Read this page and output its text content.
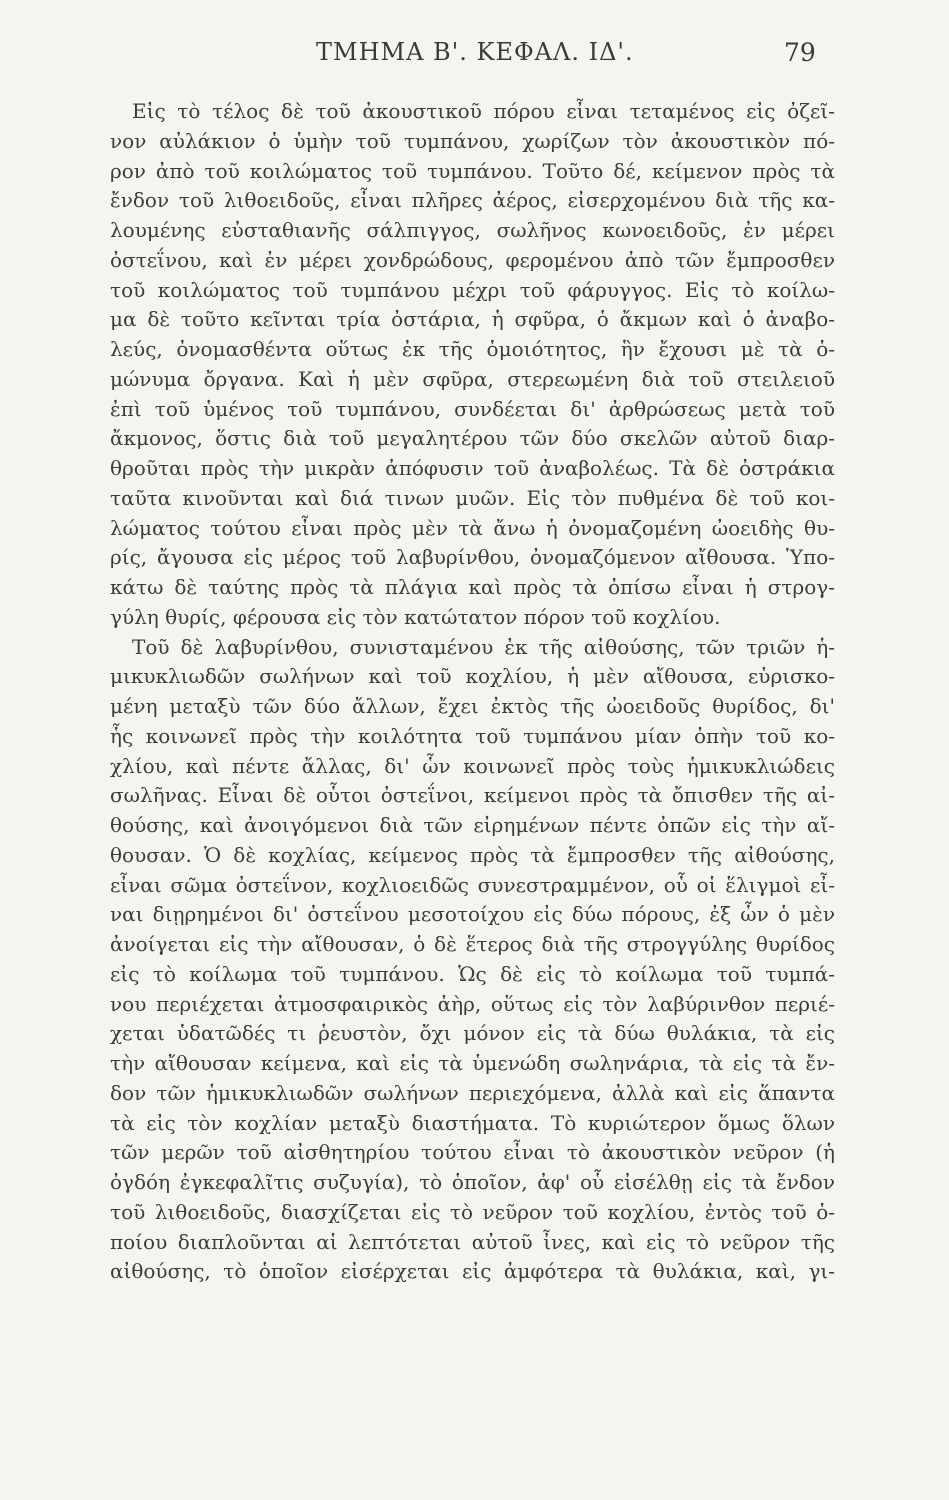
ΤΜΗΜΑ Β'. ΚΕΦΑΛ. ΙΔ'.	79
Εἰς τὸ τέλος δὲ τοῦ ἀκουστικοῦ πόρου εἶναι τεταμένος εἰς ὀζεῖ-
νον αὐλάκιον ὁ ὑμὴν τοῦ τυμπάνου, χωρίζων τὸν ἀκουστικὸν πό-
ρον ἀπὸ τοῦ κοιλώματος τοῦ τυμπάνου. Τοῦτο δέ, κείμενον πρὸς τὰ
ἔνδον τοῦ λιθοειδοῦς, εἶναι πλῆρες ἀέρος, εἰσερχομένου διὰ τῆς κα-
λουμένης εὐσταθιανῆς σάλπιγγος, σωλῆνος κωνοειδοῦς, ἐν μέρει
ὀστεΐνου, καὶ ἐν μέρει χονδρώδους, φερομένου ἀπὸ τῶν ἔμπροσθεν
τοῦ κοιλώματος τοῦ τυμπάνου μέχρι τοῦ φάρυγγος. Εἰς τὸ κοίλω-
μα δὲ τοῦτο κεῖνται τρία ὀστάρια, ἡ σφῦρα, ὁ ἄκμων καὶ ὁ ἀναβο-
λεύς, ὀνομασθέντα οὕτως ἐκ τῆς ὁμοιότητος, ἣν ἔχουσι μὲ τὰ ὁ-
μώνυμα ὄργανα. Καὶ ἡ μὲν σφῦρα, στερεωμένη διὰ τοῦ στειλειοῦ
ἐπὶ τοῦ ὑμένος τοῦ τυμπάνου, συνδέεται δι' ἀρθρώσεως μετὰ τοῦ
ἄκμονος, ὅστις διὰ τοῦ μεγαλητέρου τῶν δύο σκελῶν αὐτοῦ διαρ-
θροῦται πρὸς τὴν μικρὰν ἀπόφυσιν τοῦ ἀναβολέως. Τὰ δὲ ὀστράκια
ταῦτα κινοῦνται καὶ διά τινων μυῶν. Εἰς τὸν πυθμένα δὲ τοῦ κοι-
λώματος τούτου εἶναι πρὸς μὲν τὰ ἄνω ἡ ὀνομαζομένη ὠοειδὴς θυ-
ρίς, ἄγουσα εἰς μέρος τοῦ λαβυρίνθου, ὀνομαζόμενον αἴθουσα. Ὑπο-
κάτω δὲ ταύτης πρὸς τὰ πλάγια καὶ πρὸς τὰ ὀπίσω εἶναι ἡ στρογ-
γύλη θυρίς, φέρουσα εἰς τὸν κατώτατον πόρον τοῦ κοχλίου.
Τοῦ δὲ λαβυρίνθου, συνισταμένου ἐκ τῆς αἰθούσης, τῶν τριῶν ἡ-
μικυκλιωδῶν σωλήνων καὶ τοῦ κοχλίου, ἡ μὲν αἴθουσα, εὑρισκο-
μένη μεταξὺ τῶν δύο ἄλλων, ἔχει ἐκτὸς τῆς ὠοειδοῦς θυρίδος, δι'
ἧς κοινωνεῖ πρὸς τὴν κοιλότητα τοῦ τυμπάνου μίαν ὀπὴν τοῦ κο-
χλίου, καὶ πέντε ἄλλας, δι' ὧν κοινωνεῖ πρὸς τοὺς ἡμικυκλιώδεις
σωλῆνας. Εἶναι δὲ οὗτοι ὀστεΐνοι, κείμενοι πρὸς τὰ ὄπισθεν τῆς αἰ-
θούσης, καὶ ἀνοιγόμενοι διὰ τῶν εἰρημένων πέντε ὀπῶν εἰς τὴν αἴ-
θουσαν. Ὁ δὲ κοχλίας, κείμενος πρὸς τὰ ἔμπροσθεν τῆς αἰθούσης,
εἶναι σῶμα ὀστεΐνον, κοχλιοειδῶς συνεστραμμένον, οὗ οἱ ἕλιγμοὶ εἶ-
ναι διῃρημένοι δι' ὀστεΐνου μεσοτοίχου εἰς δύω πόρους, ἐξ ὧν ὁ μὲν
ἀνοίγεται εἰς τὴν αἴθουσαν, ὁ δὲ ἕτερος διὰ τῆς στρογγύλης θυρίδος
εἰς τὸ κοίλωμα τοῦ τυμπάνου. Ὡς δὲ εἰς τὸ κοίλωμα τοῦ τυμπά-
νου περιέχεται ἀτμοσφαιρικὸς ἀὴρ, οὕτως εἰς τὸν λαβύρινθον περιέ-
χεται ὑδατῶδές τι ῥευστὸν, ὄχι μόνον εἰς τὰ δύω θυλάκια, τὰ εἰς
τὴν αἴθουσαν κείμενα, καὶ εἰς τὰ ὑμενώδη σωληνάρια, τὰ εἰς τὰ ἔν-
δον τῶν ἡμικυκλιωδῶν σωλήνων περιεχόμενα, ἀλλὰ καὶ εἰς ἅπαντα
τὰ εἰς τὸν κοχλίαν μεταξὺ διαστήματα. Τὸ κυριώτερον ὅμως ὅλων
τῶν μερῶν τοῦ αἰσθητηρίου τούτου εἶναι τὸ ἀκουστικὸν νεῦρον (ἡ
ὀγδόη ἐγκεφαλῖτις συζυγία), τὸ ὁποῖον, ἀφ' οὗ εἰσέλθῃ εἰς τὰ ἔνδον
τοῦ λιθοειδοῦς, διασχίζεται εἰς τὸ νεῦρον τοῦ κοχλίου, ἐντὸς τοῦ ὁ-
ποίου διαπλοῦνται αἱ λεπτότεται αὐτοῦ ἶνες, καὶ εἰς τὸ νεῦρον τῆς
αἰθούσης, τὸ ὁποῖον εἰσέρχεται εἰς ἀμφότερα τὰ θυλάκια, καὶ, γι-
